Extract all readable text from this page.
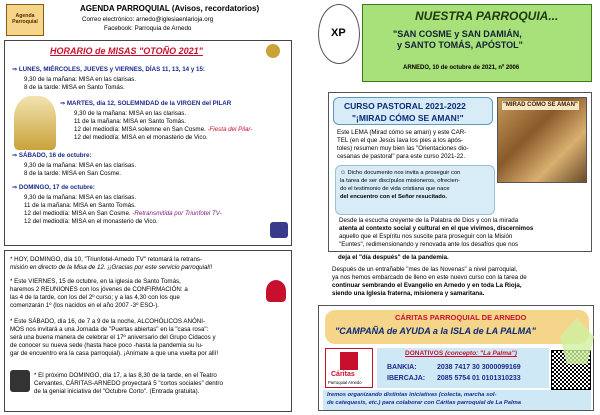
Agenda Parroquial
AGENDA PARROQUIAL (Avisos, recordatorios)
Correo electrónico: arnedo@iglesiaenlarioja.org
Facebook: Parroquia de Arnedo
HORARIO de MISAS "OTOÑO 2021"
⇒ LUNES, MIÉRCOLES, JUEVES y VIERNES, DÍAS 11, 13, 14 y 15:
9,30 de la mañana: MISA en las clarisas.
8 de la tarde: MISA en Santo Tomás.
⇒ MARTES, día 12, SOLEMNIDAD de la VIRGEN del PILAR
9,30 de la mañana: MISA en las clarisas.
11 de la mañana: MISA en Santo Tomás.
12 del mediodía: MISA solemne en San Cosme. -Fiesta del Pilar-
12 del mediodía: MISA en el monasterio de Vico.
⇒ SÁBADO, 16 de octubre:
9,30 de la mañana: MISA en las clarisas.
8 de la tarde: MISA en San Cosme.
⇒ DOMINGO, 17 de octubre:
9,30 de la mañana: MISA en las clarisas.
11 de la mañana: MISA en Santo Tomás.
12 del mediodía: MISA en San Cosme. -Retransmitida por Triunfotel TV-
12 del mediodía: MISA en el monasterio de Vico.
* HOY, DOMINGO, día 10, "Triunfotel-Arnedo TV" retomará la retrans-
misión en directo de la Misa de 12. ¡¡Gracias por este servicio parroquial!!
* Este VIERNES, 15 de octubre, en la iglesia de Santo Tomás,
haremos 2 REUNIONES con los jóvenes de CONFIRMACIÓN: a
las 4 de la tarde, con los del 2º curso; y a las 4,30 con los que
comenzarán 1º (los nacidos en el año 2007 -3º ESO-).
* Este SÁBADO, día 16, de 7 a 9 de la noche, ALCOHÓLICOS ANÓNI-
MOS nos invitará a una Jornada de "Puertas abiertas" en la "casa rosa":
será una buena manera de celebrar el 17º aniversario del Grupo Cidacos y
de conocer su nueva sede (hasta hace poco -hasta la pandemia su lu-
gar de encuentro era la casa parroquial). ¡Anímate a que una vuelta por allí!
* El próximo DOMINGO, día 17, a las 8,30 de la tarde, en el Teatro
Cervantes, CÁRITAS-ARNEDO proyectará 5 "cortos sociales" dentro
de la genial iniciativa del "Octubre Corto". (Entrada gratuita).
XP
NUESTRA PARROQUIA...
"SAN COSME y SAN DAMIÁN,
y SANTO TOMÁS, APÓSTOL"
ARNEDO, 10 de octubre de 2021, nº 2006
CURSO PASTORAL 2021-2022
"¡MIRAD CÓMO SE AMAN!"
"MIRAD CÓMO SE AMAN"
Este LEMA (Mirad cómo se aman) y este CAR-
TEL (en el que Jesús lava los pies a los após-
toles) resumen muy bien las "Orientaciones dio-
cesanas de pastoral" para este curso 2021-22.
☺ Dicho documento nos invita a proseguir con
la tarea de ser discípulos misioneros, ofrecien-
do el testimonio de vida cristiana que nace
del encuentro con el Señor resucitado.
Desde la escucha creyente de la Palabra de Dios y con la mirada
atenta al contexto social y cultural en el que vivimos, discernimos
aquello que el Espíritu nos suscite para proseguir con la Misión
"Euntes", redimensionando y renovada ante los desafíos que nos
deja el "día después" de la pandemia.
Después de un entrañable "mes de las Novenas" a nivel parroquial,
ya nos hemos embarcado de lleno en este nuevo curso con la tarea de
continuar sembrando el Evangelio en Arnedo y en toda La Rioja,
siendo una Iglesia fraterna, misionera y samaritana.
CÁRITAS PARROQUIAL DE ARNEDO
"CAMPAÑA de AYUDA a la ISLA de LA PALMA"
Cáritas
Parroquial Arnedo
DONATIVOS (concepto: "La Palma")
BANKIA:	2038 7417 30 3000099169
IBERCAJA: 2085 5754 01 0101310233
Iremos organizando distintas iniciativas (colecta, marcha sol-
de catequesis, etc.) para colaborar con Cáritas parroquial de La Palma
